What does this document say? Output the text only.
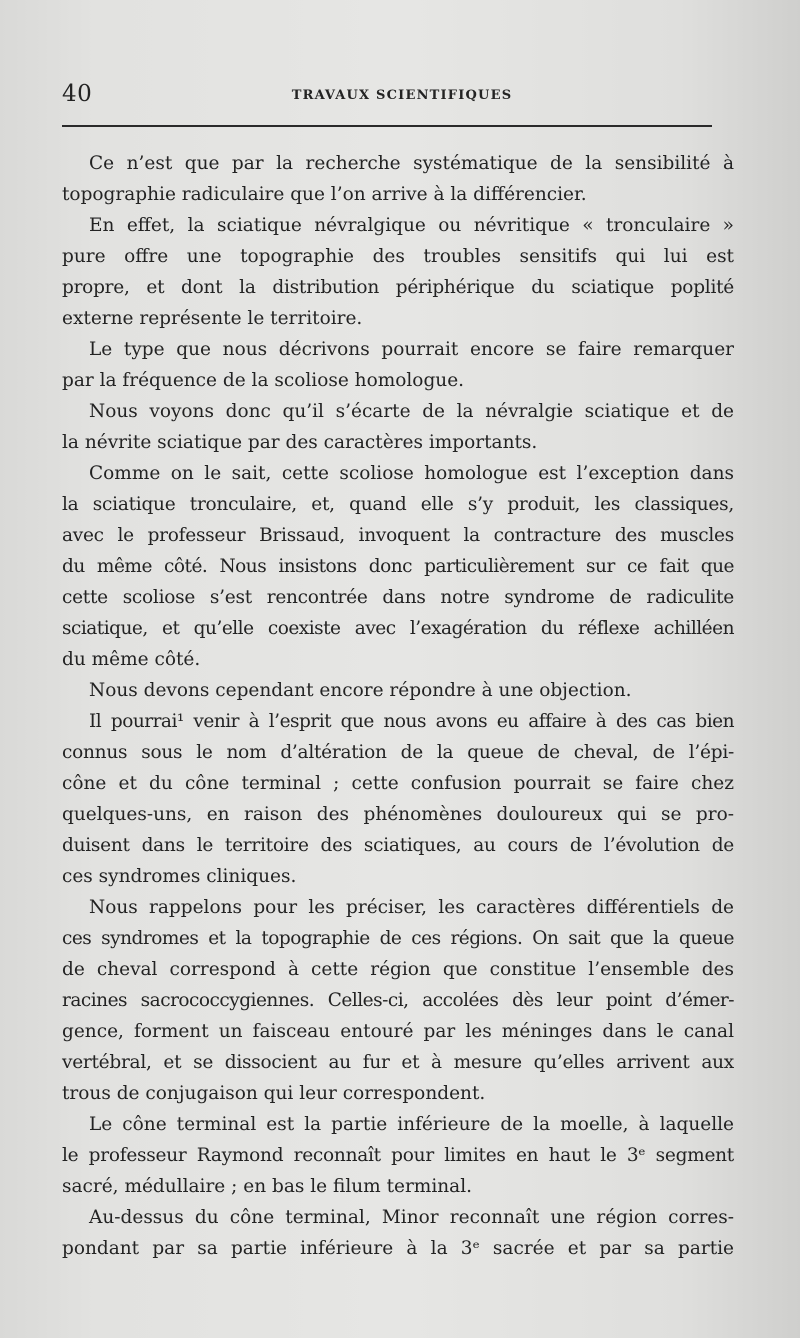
40	TRAVAUX SCIENTIFIQUES
Ce n’est que par la recherche systématique de la sensibilité à
topographie radiculaire que l’on arrive à la différencier.
En effet, la sciatique névralgique ou névritique « tronculaire »
pure offre une topographie des troubles sensitifs qui lui est
propre, et dont la distribution périphérique du sciatique poplité
externe représente le territoire.
Le type que nous décrivons pourrait encore se faire remarquer
par la fréquence de la scoliose homologue.
Nous voyons donc qu’il s’écarte de la névralgie sciatique et de
la névrite sciatique par des caractères importants.
Comme on le sait, cette scoliose homologue est l’exception dans
la sciatique tronculaire, et, quand elle s’y produit, les classiques,
avec le professeur Brissaud, invoquent la contracture des muscles
du même côté. Nous insistons donc particulièrement sur ce fait que
cette scoliose s’est rencontrée dans notre syndrome de radiculite
sciatique, et qu’elle coexiste avec l’exagération du réflexe achilléen
du même côté.
Nous devons cependant encore répondre à une objection.
Il pourrai¹ venir à l’esprit que nous avons eu affaire à des cas bien
connus sous le nom d’altération de la queue de cheval, de l’épi-
cône et du cône terminal ; cette confusion pourrait se faire chez
quelques-uns, en raison des phénomènes douloureux qui se pro-
duisent dans le territoire des sciatiques, au cours de l’évolution de
ces syndromes cliniques.
Nous rappelons pour les préciser, les caractères différentiels de
ces syndromes et la topographie de ces régions. On sait que la queue
de cheval correspond à cette région que constitue l’ensemble des
racines sacrococcygiennes. Celles-ci, accolées dès leur point d’émer-
gence, forment un faisceau entouré par les méninges dans le canal
vertébral, et se dissocient au fur et à mesure qu’elles arrivent aux
trous de conjugaison qui leur correspondent.
Le cône terminal est la partie inférieure de la moelle, à laquelle
le professeur Raymond reconnaît pour limites en haut le 3ᵉ segment
sacré, médullaire ; en bas le filum terminal.
Au-dessus du cône terminal, Minor reconnaît une région corres-
pondant par sa partie inférieure à la 3ᵉ sacrée et par sa partie
